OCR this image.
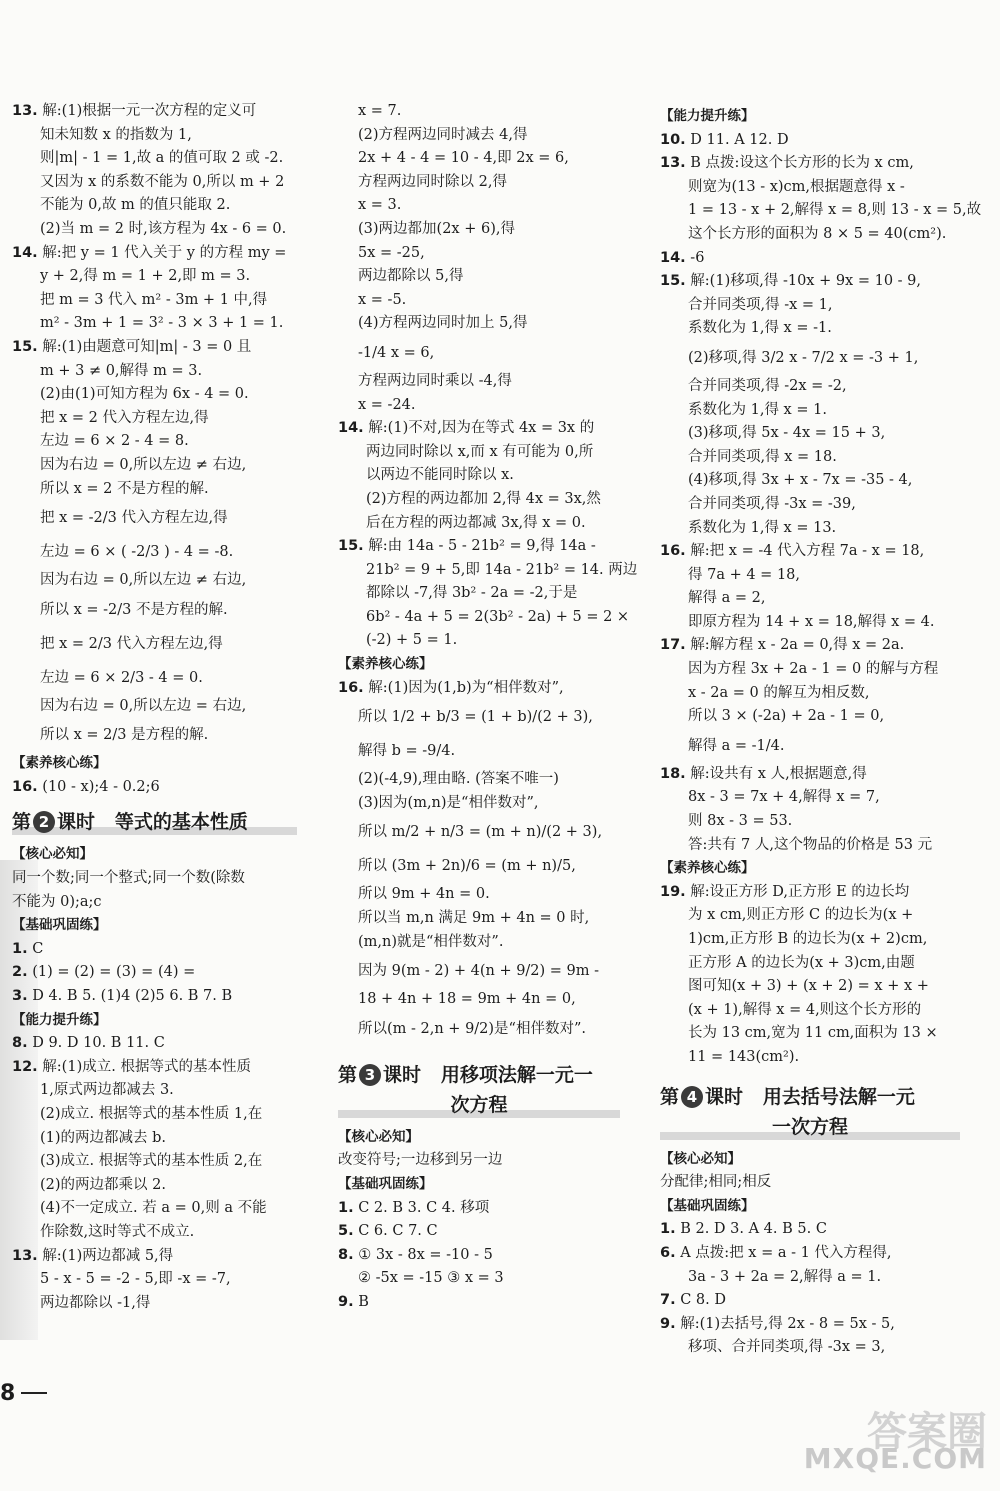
13. 解:(1)根据一元一次方程的定义可
知未知数 x 的指数为 1,
则|m| - 1 = 1,故 a 的值可取 2 或 -2.
又因为 x 的系数不能为 0,所以 m + 2
不能为 0,故 m 的值只能取 2.
(2)当 m = 2 时,该方程为 4x - 6 = 0.
14. 解:把 y = 1 代入关于 y 的方程 my =
y + 2,得 m = 1 + 2,即 m = 3.
把 m = 3 代入 m² - 3m + 1 中,得
m² - 3m + 1 = 3² - 3 × 3 + 1 = 1.
15. 解:(1)由题意可知|m| - 3 = 0 且
m + 3 ≠ 0,解得 m = 3.
(2)由(1)可知方程为 6x - 4 = 0.
把 x = 2 代入方程左边,得
左边 = 6 × 2 - 4 = 8.
因为右边 = 0,所以左边 ≠ 右边,
所以 x = 2 不是方程的解.
把 x = -2/3 代入方程左边,得
左边 = 6 × ( -2/3 ) - 4 = -8.
因为右边 = 0,所以左边 ≠ 右边,
所以 x = -2/3 不是方程的解.
把 x = 2/3 代入方程左边,得
左边 = 6 × 2/3 - 4 = 0.
因为右边 = 0,所以左边 = 右边,
所以 x = 2/3 是方程的解.
【素养核心练】
16. (10 - x);4 - 0.2;6
第 2 课时   等式的基本性质
【核心必知】
同一个数;同一个整式;同一个数(除数
不能为 0);a;c
【基础巩固练】
1. C
2. (1) = (2) = (3) = (4) =
3. D 4. B 5. (1)4 (2)5 6. B 7. B
【能力提升练】
8. D 9. D 10. B 11. C
12. 解:(1)成立. 根据等式的基本性质
1,原式两边都减去 3.
(2)成立. 根据等式的基本性质 1,在
(1)的两边都减去 b.
(3)成立. 根据等式的基本性质 2,在
(2)的两边都乘以 2.
(4)不一定成立. 若 a = 0,则 a 不能
作除数,这时等式不成立.
13. 解:(1)两边都减 5,得
5 - x - 5 = -2 - 5,即 -x = -7,
两边都除以 -1,得
x = 7.
(2)方程两边同时减去 4,得
2x + 4 - 4 = 10 - 4,即 2x = 6,
方程两边同时除以 2,得
x = 3.
(3)两边都加(2x + 6),得
5x = -25,
两边都除以 5,得
x = -5.
(4)方程两边同时加上 5,得
-1/4 x = 6,
方程两边同时乘以 -4,得
x = -24.
14. 解:(1)不对,因为在等式 4x = 3x 的
两边同时除以 x,而 x 有可能为 0,所
以两边不能同时除以 x.
(2)方程的两边都加 2,得 4x = 3x,然
后在方程的两边都减 3x,得 x = 0.
15. 解:由 14a - 5 - 21b² = 9,得 14a -
21b² = 9 + 5,即 14a - 21b² = 14. 两边
都除以 -7,得 3b² - 2a = -2,于是
6b² - 4a + 5 = 2(3b² - 2a) + 5 = 2 ×
(-2) + 5 = 1.
【素养核心练】
16. 解:(1)因为(1,b)为“相伴数对”,
所以 1/2 + b/3 = (1 + b)/(2 + 3),
解得 b = -9/4.
(2)(-4,9),理由略. (答案不唯一)
(3)因为(m,n)是“相伴数对”,
所以 m/2 + n/3 = (m + n)/(2 + 3),
所以 (3m + 2n)/6 = (m + n)/5,
所以 9m + 4n = 0.
所以当 m,n 满足 9m + 4n = 0 时,
(m,n)就是“相伴数对”.
因为 9(m - 2) + 4(n + 9/2) = 9m -
18 + 4n + 18 = 9m + 4n = 0,
所以(m - 2,n + 9/2)是“相伴数对”.
第 3 课时   用移项法解一元一
次方程
【核心必知】
改变符号;一边移到另一边
【基础巩固练】
1. C 2. B 3. C 4. 移项
5. C 6. C 7. C
8. ① 3x - 8x = -10 - 5
② -5x = -15 ③ x = 3
9. B
【能力提升练】
10. D 11. A 12. D
13. B 点拨:设这个长方形的长为 x cm,
则宽为(13 - x)cm,根据题意得 x -
1 = 13 - x + 2,解得 x = 8,则 13 - x = 5,故
这个长方形的面积为 8 × 5 = 40(cm²).
14. -6
15. 解:(1)移项,得 -10x + 9x = 10 - 9,
合并同类项,得 -x = 1,
系数化为 1,得 x = -1.
(2)移项,得 3/2 x - 7/2 x = -3 + 1,
合并同类项,得 -2x = -2,
系数化为 1,得 x = 1.
(3)移项,得 5x - 4x = 15 + 3,
合并同类项,得 x = 18.
(4)移项,得 3x + x - 7x = -35 - 4,
合并同类项,得 -3x = -39,
系数化为 1,得 x = 13.
16. 解:把 x = -4 代入方程 7a - x = 18,
得 7a + 4 = 18,
解得 a = 2,
即原方程为 14 + x = 18,解得 x = 4.
17. 解:解方程 x - 2a = 0,得 x = 2a.
因为方程 3x + 2a - 1 = 0 的解与方程
x - 2a = 0 的解互为相反数,
所以 3 × (-2a) + 2a - 1 = 0,
解得 a = -1/4.
18. 解:设共有 x 人,根据题意,得
8x - 3 = 7x + 4,解得 x = 7,
则 8x - 3 = 53.
答:共有 7 人,这个物品的价格是 53 元
【素养核心练】
19. 解:设正方形 D,正方形 E 的边长均
为 x cm,则正方形 C 的边长为(x +
1)cm,正方形 B 的边长为(x + 2)cm,
正方形 A 的边长为(x + 3)cm,由题
图可知(x + 3) + (x + 2) = x + x +
(x + 1),解得 x = 4,则这个长方形的
长为 13 cm,宽为 11 cm,面积为 13 ×
11 = 143(cm²).
第 4 课时   用去括号法解一元
一次方程
【核心必知】
分配律;相同;相反
【基础巩固练】
1. B 2. D 3. A 4. B 5. C
6. A 点拨:把 x = a - 1 代入方程得,
3a - 3 + 2a = 2,解得 a = 1.
7. C 8. D
9. 解:(1)去括号,得 2x - 8 = 5x - 5,
移项、合并同类项,得 -3x = 3,
8
答案圈
MXQE.COM
